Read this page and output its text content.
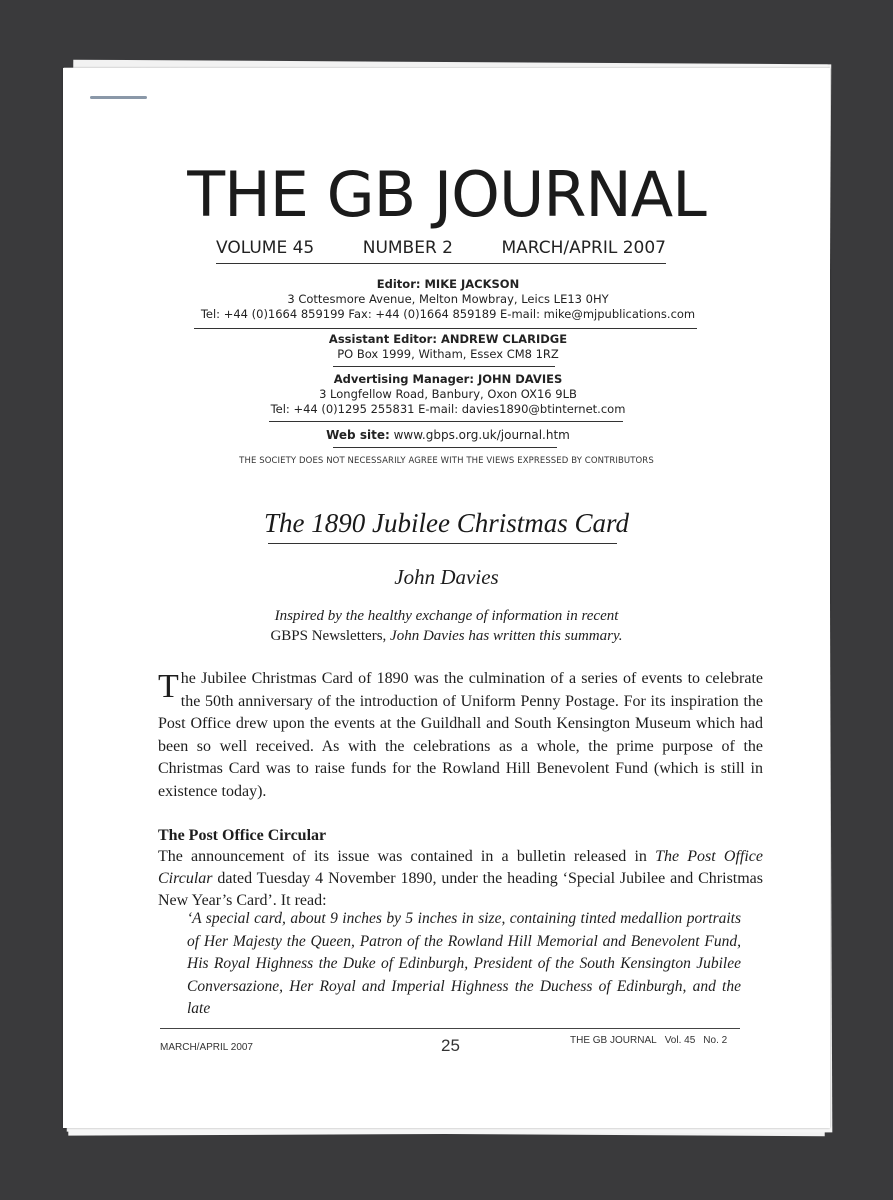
THE GB JOURNAL
VOLUME 45	NUMBER 2	MARCH/APRIL 2007
Editor: MIKE JACKSON
3 Cottesmore Avenue, Melton Mowbray, Leics LE13 0HY
Tel: +44 (0)1664 859199 Fax: +44 (0)1664 859189 E-mail: mike@mjpublications.com
Assistant Editor: ANDREW CLARIDGE
PO Box 1999, Witham, Essex CM8 1RZ
Advertising Manager: JOHN DAVIES
3 Longfellow Road, Banbury, Oxon OX16 9LB
Tel: +44 (0)1295 255831 E-mail: davies1890@btinternet.com
Web site: www.gbps.org.uk/journal.htm
THE SOCIETY DOES NOT NECESSARILY AGREE WITH THE VIEWS EXPRESSED BY CONTRIBUTORS
The 1890 Jubilee Christmas Card
John Davies
Inspired by the healthy exchange of information in recent
GBPS Newsletters, John Davies has written this summary.
The Jubilee Christmas Card of 1890 was the culmination of a series of events to celebrate the 50th anniversary of the introduction of Uniform Penny Postage. For its inspiration the Post Office drew upon the events at the Guildhall and South Kensington Museum which had been so well received. As with the celebrations as a whole, the prime purpose of the Christmas Card was to raise funds for the Rowland Hill Benevolent Fund (which is still in existence today).
The Post Office Circular
The announcement of its issue was contained in a bulletin released in The Post Office Circular dated Tuesday 4 November 1890, under the heading ‘Special Jubilee and Christmas New Year’s Card’. It read:
‘A special card, about 9 inches by 5 inches in size, containing tinted medallion portraits of Her Majesty the Queen, Patron of the Rowland Hill Memorial and Benevolent Fund, His Royal Highness the Duke of Edinburgh, President of the South Kensington Jubilee Conversazione, Her Royal and Imperial Highness the Duchess of Edinburgh, and the late
MARCH/APRIL 2007	25	THE GB JOURNAL Vol. 45 No. 2
